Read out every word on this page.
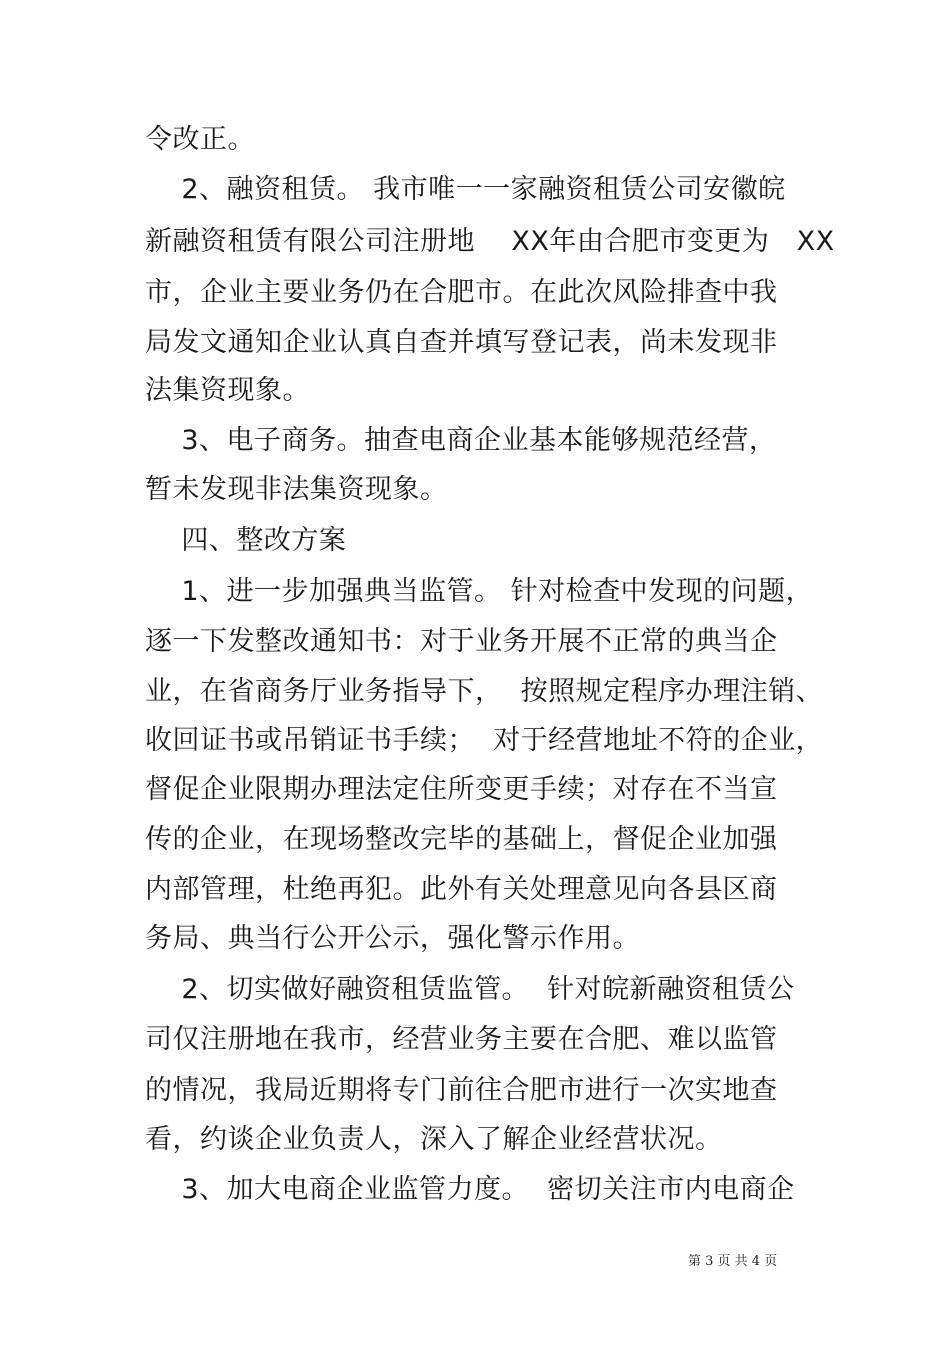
令改正。
2、融资租赁。 我市唯一一家融资租赁公司安徽皖
新融资租赁有限公司注册地    XX年由合肥市变更为   XX
市，企业主要业务仍在合肥市。在此次风险排查中我
局发文通知企业认真自查并填写登记表，尚未发现非
法集资现象。
3、电子商务。抽查电商企业基本能够规范经营，
暂未发现非法集资现象。
四、整改方案
1、进一步加强典当监管。 针对检查中发现的问题，
逐一下发整改通知书：对于业务开展不正常的典当企
业，在省商务厅业务指导下，  按照规定程序办理注销、
收回证书或吊销证书手续；  对于经营地址不符的企业，
督促企业限期办理法定住所变更手续；对存在不当宣
传的企业，在现场整改完毕的基础上，督促企业加强
内部管理，杜绝再犯。此外有关处理意见向各县区商
务局、典当行公开公示，强化警示作用。
2、切实做好融资租赁监管。  针对皖新融资租赁公
司仅注册地在我市，经营业务主要在合肥、难以监管
的情况，我局近期将专门前往合肥市进行一次实地查
看，约谈企业负责人，深入了解企业经营状况。
3、加大电商企业监管力度。  密切关注市内电商企
第 3 页 共 4 页
